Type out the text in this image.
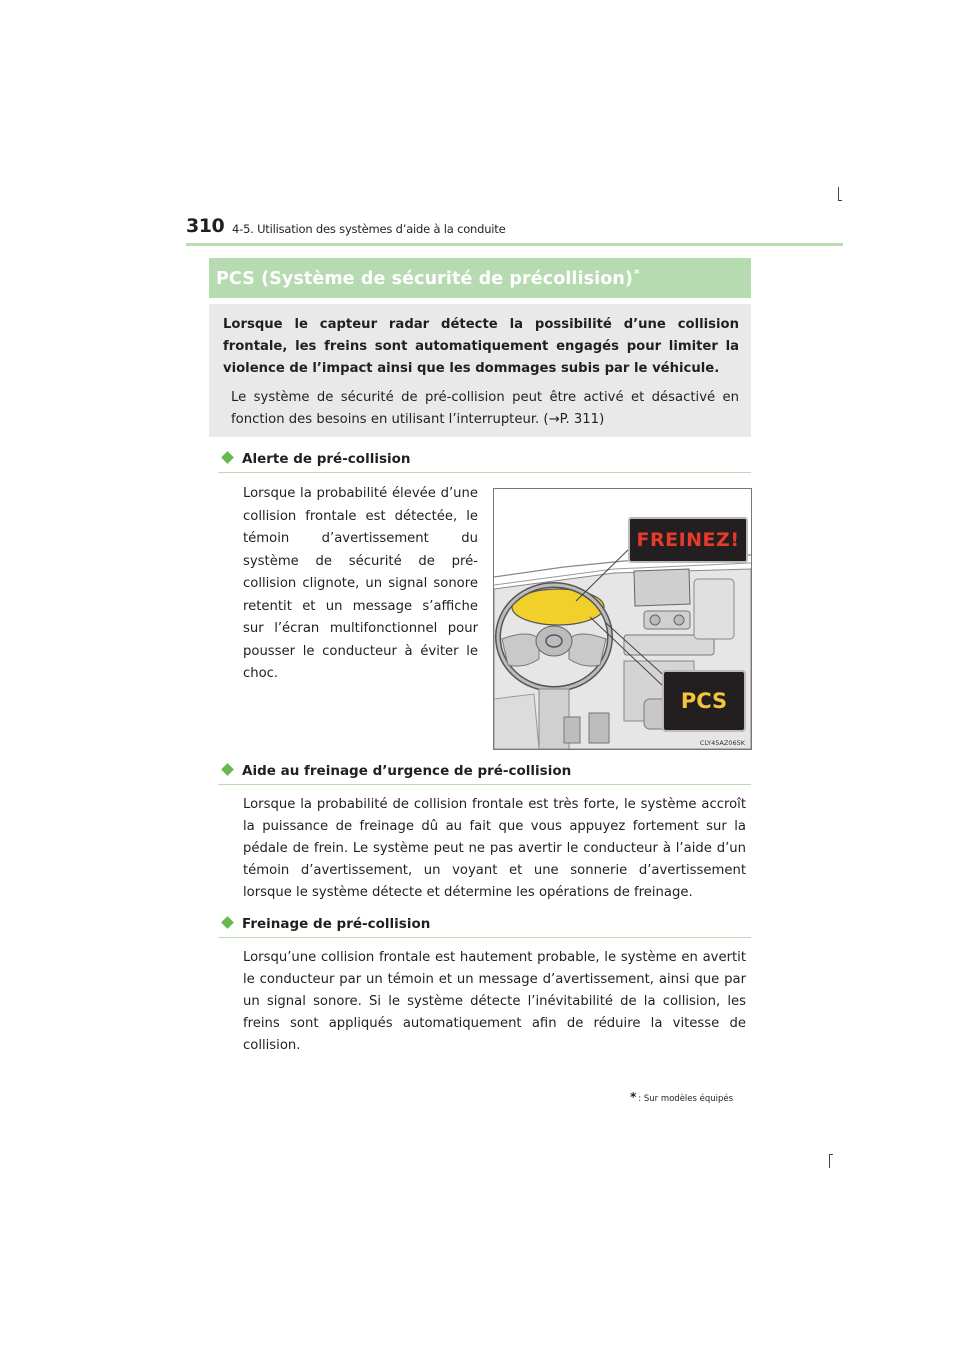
310 4-5. Utilisation des systèmes d’aide à la conduite
PCS (Système de sécurité de précollision)*
Lorsque le capteur radar détecte la possibilité d’une collision frontale, les freins sont automatiquement engagés pour limiter la violence de l’impact ainsi que les dommages subis par le véhicule.
Le système de sécurité de pré-collision peut être activé et désactivé en fonction des besoins en utilisant l’interrupteur. (→P. 311)
Alerte de pré-collision
Lorsque la probabilité élevée d’une collision frontale est détectée, le témoin d’avertissement du système de sécurité de pré-collision clignote, un signal sonore retentit et un message s’affiche sur l’écran multifonctionnel pour pousser le conducteur à éviter le choc.
FREINEZ!
PCS
CLY45AZ065K
Aide au freinage d’urgence de pré-collision
Lorsque la probabilité de collision frontale est très forte, le système accroît la puissance de freinage dû au fait que vous appuyez fortement sur la pédale de frein. Le système peut ne pas avertir le conducteur à l’aide d’un témoin d’avertissement, un voyant et une sonnerie d’avertissement lorsque le système détecte et détermine les opérations de freinage.
Freinage de pré-collision
Lorsqu’une collision frontale est hautement probable, le système en avertit le conducteur par un témoin et un message d’avertissement, ainsi que par un signal sonore. Si le système détecte l’inévitabilité de la collision, les freins sont appliqués automatiquement afin de réduire la vitesse de collision.
* : Sur modèles équipés
